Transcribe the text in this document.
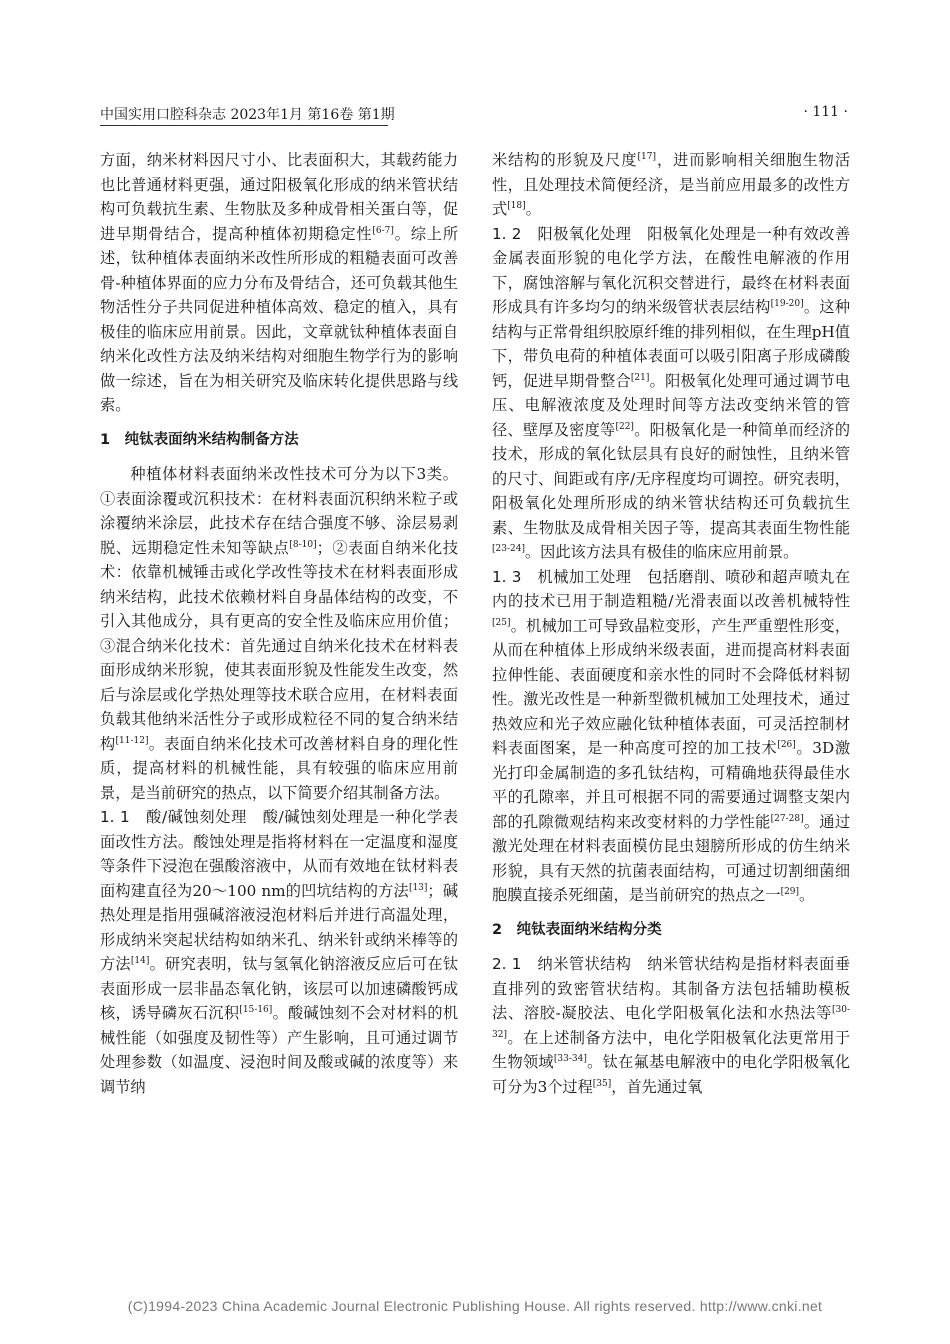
中国实用口腔科杂志 2023年1月 第16卷 第1期	· 111 ·

方面，纳米材料因尺寸小、比表面积大，其载药能力也比普通材料更强，通过阳极氧化形成的纳米管状结构可负载抗生素、生物肽及多种成骨相关蛋白等，促进早期骨结合，提高种植体初期稳定性[6-7]。综上所述，钛种植体表面纳米改性所形成的粗糙表面可改善骨-种植体界面的应力分布及骨结合，还可负载其他生物活性分子共同促进种植体高效、稳定的植入，具有极佳的临床应用前景。因此，文章就钛种植体表面自纳米化改性方法及纳米结构对细胞生物学行为的影响做一综述，旨在为相关研究及临床转化提供思路与线索。

1　纯钛表面纳米结构制备方法

种植体材料表面纳米改性技术可分为以下3类。①表面涂覆或沉积技术：在材料表面沉积纳米粒子或涂覆纳米涂层，此技术存在结合强度不够、涂层易剥脱、远期稳定性未知等缺点[8-10]；②表面自纳米化技术：依靠机械锤击或化学改性等技术在材料表面形成纳米结构，此技术依赖材料自身晶体结构的改变，不引入其他成分，具有更高的安全性及临床应用价值；③混合纳米化技术：首先通过自纳米化技术在材料表面形成纳米形貌，使其表面形貌及性能发生改变，然后与涂层或化学热处理等技术联合应用，在材料表面负载其他纳米活性分子或形成粒径不同的复合纳米结构[11-12]。表面自纳米化技术可改善材料自身的理化性质，提高材料的机械性能，具有较强的临床应用前景，是当前研究的热点，以下简要介绍其制备方法。

1. 1　酸/碱蚀刻处理　酸/碱蚀刻处理是一种化学表面改性方法。酸蚀处理是指将材料在一定温度和湿度等条件下浸泡在强酸溶液中，从而有效地在钛材料表面构建直径为20～100 nm的凹坑结构的方法[13]；碱热处理是指用强碱溶液浸泡材料后并进行高温处理，形成纳米突起状结构如纳米孔、纳米针或纳米棒等的方法[14]。研究表明，钛与氢氧化钠溶液反应后可在钛表面形成一层非晶态氧化钠，该层可以加速磷酸钙成核，诱导磷灰石沉积[15-16]。酸碱蚀刻不会对材料的机械性能（如强度及韧性等）产生影响，且可通过调节处理参数（如温度、浸泡时间及酸或碱的浓度等）来调节纳

米结构的形貌及尺度[17]，进而影响相关细胞生物活性，且处理技术简便经济，是当前应用最多的改性方式[18]。

1. 2　阳极氧化处理　阳极氧化处理是一种有效改善金属表面形貌的电化学方法，在酸性电解液的作用下，腐蚀溶解与氧化沉积交替进行，最终在材料表面形成具有许多均匀的纳米级管状表层结构[19-20]。这种结构与正常骨组织胶原纤维的排列相似，在生理pH值下，带负电荷的种植体表面可以吸引阳离子形成磷酸钙，促进早期骨整合[21]。阳极氧化处理可通过调节电压、电解液浓度及处理时间等方法改变纳米管的管径、壁厚及密度等[22]。阳极氧化是一种简单而经济的技术，形成的氧化钛层具有良好的耐蚀性，且纳米管的尺寸、间距或有序/无序程度均可调控。研究表明，阳极氧化处理所形成的纳米管状结构还可负载抗生素、生物肽及成骨相关因子等，提高其表面生物性能[23-24]。因此该方法具有极佳的临床应用前景。

1. 3　机械加工处理　包括磨削、喷砂和超声喷丸在内的技术已用于制造粗糙/光滑表面以改善机械特性[25]。机械加工可导致晶粒变形，产生严重塑性形变，从而在种植体上形成纳米级表面，进而提高材料表面拉伸性能、表面硬度和亲水性的同时不会降低材料韧性。激光改性是一种新型微机械加工处理技术，通过热效应和光子效应融化钛种植体表面，可灵活控制材料表面图案，是一种高度可控的加工技术[26]。3D激光打印金属制造的多孔钛结构，可精确地获得最佳水平的孔隙率，并且可根据不同的需要通过调整支架内部的孔隙微观结构来改变材料的力学性能[27-28]。通过激光处理在材料表面模仿昆虫翅膀所形成的仿生纳米形貌，具有天然的抗菌表面结构，可通过切割细菌细胞膜直接杀死细菌，是当前研究的热点之一[29]。

2　纯钛表面纳米结构分类

2. 1　纳米管状结构　纳米管状结构是指材料表面垂直排列的致密管状结构。其制备方法包括辅助模板法、溶胶-凝胶法、电化学阳极氧化法和水热法等[30-32]。在上述制备方法中，电化学阳极氧化法更常用于生物领域[33-34]。钛在氟基电解液中的电化学阳极氧化可分为3个过程[35]，首先通过氧

(C)1994-2023 China Academic Journal Electronic Publishing House. All rights reserved. http://www.cnki.net
